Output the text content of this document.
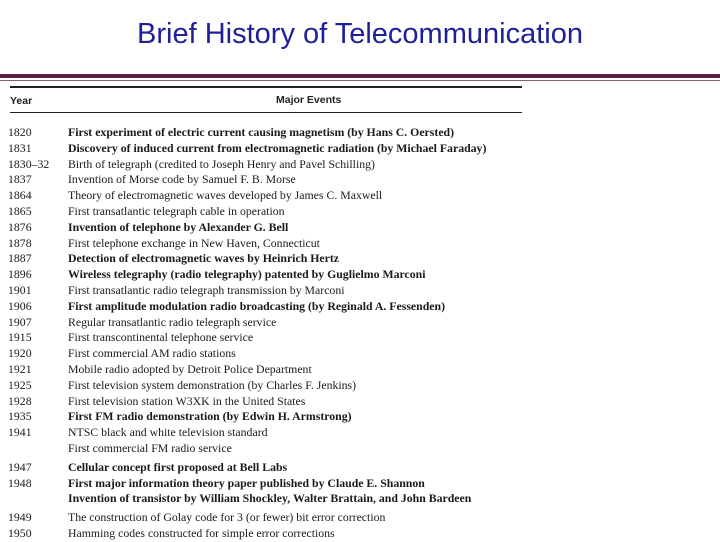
Brief History of Telecommunication
Year	Major Events
1820	First experiment of electric current causing magnetism (by Hans C. Oersted)
1831	Discovery of induced current from electromagnetic radiation (by Michael Faraday)
1830–32	Birth of telegraph (credited to Joseph Henry and Pavel Schilling)
1837	Invention of Morse code by Samuel F. B. Morse
1864	Theory of electromagnetic waves developed by James C. Maxwell
1865	First transatlantic telegraph cable in operation
1876	Invention of telephone by Alexander G. Bell
1878	First telephone exchange in New Haven, Connecticut
1887	Detection of electromagnetic waves by Heinrich Hertz
1896	Wireless telegraphy (radio telegraphy) patented by Guglielmo Marconi
1901	First transatlantic radio telegraph transmission by Marconi
1906	First amplitude modulation radio broadcasting (by Reginald A. Fessenden)
1907	Regular transatlantic radio telegraph service
1915	First transcontinental telephone service
1920	First commercial AM radio stations
1921	Mobile radio adopted by Detroit Police Department
1925	First television system demonstration (by Charles F. Jenkins)
1928	First television station W3XK in the United States
1935	First FM radio demonstration (by Edwin H. Armstrong)
1941	NTSC black and white television standard
First commercial FM radio service
1947	Cellular concept first proposed at Bell Labs
1948	First major information theory paper published by Claude E. Shannon
Invention of transistor by William Shockley, Walter Brattain, and John Bardeen
1949	The construction of Golay code for 3 (or fewer) bit error correction
1950	Hamming codes constructed for simple error corrections
